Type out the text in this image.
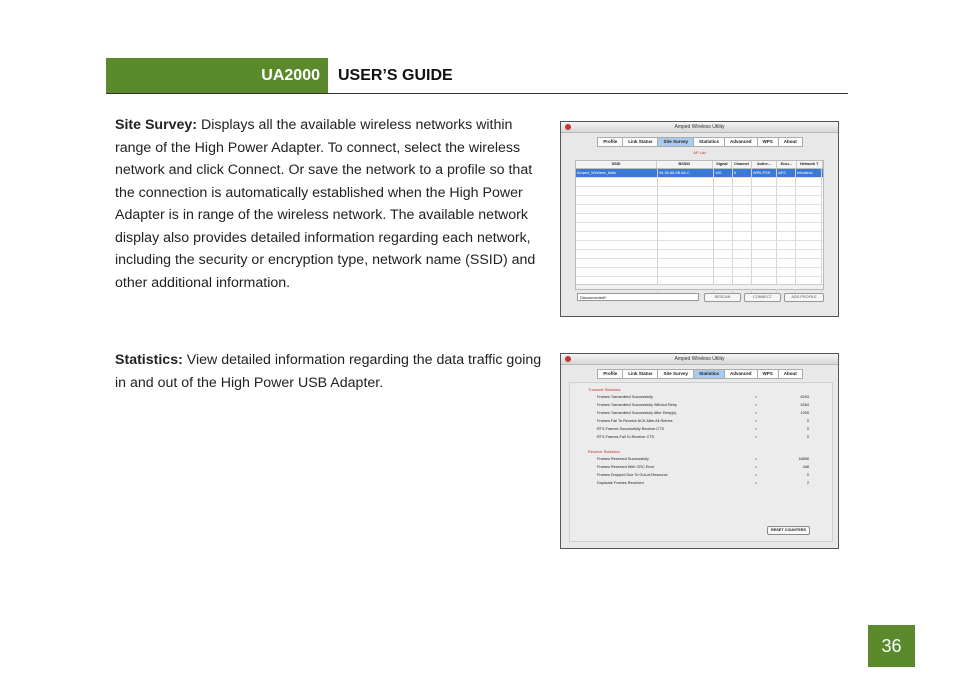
UA2000 USER’S GUIDE
Site Survey: Displays all the available wireless networks within range of the High Power Adapter. To connect, select the wireless network and click Connect. Or save the network to a profile so that the connection is automatically established when the High Power Adapter is in range of the wireless network. The available network display also provides detailed information regarding each network, including the security or encryption type, network name (SSID) and other additional information.
Statistics: View detailed information regarding the data traffic going in and out of the High Power USB Adapter.
Amped Wireless Utility
Profile	Link Status	Site Survey	Statistics	Advanced	WPS	About
AP List
SSID	BSSID	Signal	Channel	Authe...	Encr...	Network T
Amped_Wireless_Main	06-36-88-5B-66-C	100	6	WPA-PSK	AES	Infrastruc
Disconnected!!	RESCAN	CONNECT	ADD PROFILE
Amped Wireless Utility
Profile	Link Status	Site Survey	Statistics	Advanced	WPS	About
Transmit Statistics
Frames Transmitted Successfully	=	6293
Frames Transmitted Successfully Without Retry	=	5284
Frames Transmitted Successfully After Retry(s)	=	1009
Frames Fail To Receive ACK After All Retries	=	0
RTS Frames Successfully Receive CTS	=	0
RTS Frames Fail To Receive CTS	=	0
Receive Statistics
Frames Received Successfully	=	16896
Frames Received With CRC Error	=	448
Frames Dropped Due To Out-of-Resource	=	0
Duplicate Frames Received	=	2
RESET COUNTERS
36
